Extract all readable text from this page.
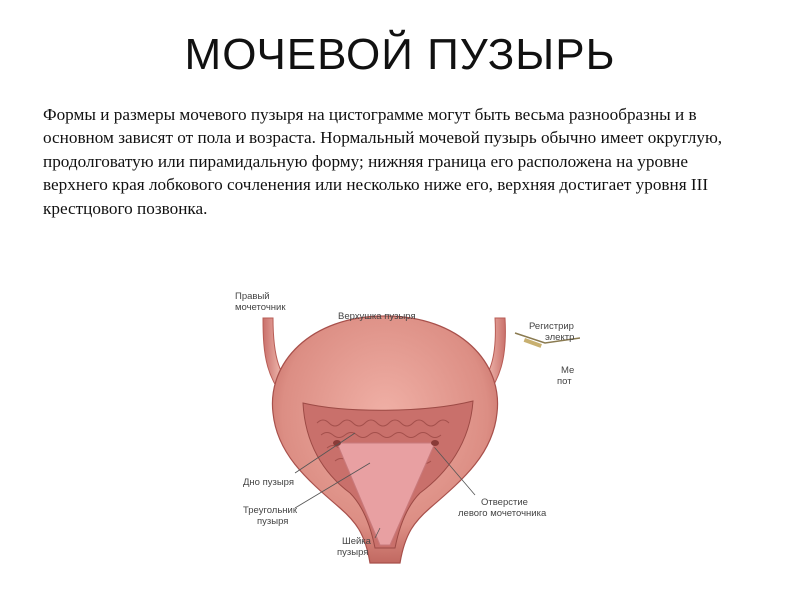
МОЧЕВОЙ ПУЗЫРЬ
Формы и размеры мочевого пузыря на цистограмме могут быть весьма разнообразны и в основном зависят от пола и возраста. Нормальный мочевой пузырь обычно имеет округлую, продолговатую или пирамидальную форму; нижняя граница его расположена на уровне верхнего края лобкового сочленения или несколько ниже его, верхняя достигает уровня III крестцового позвонка.
Правый
мочеточник
Верхушка пузыря
Регистрир
электр
Ме
пот
Дно пузыря
Треугольник
пузыря
Отверстие
левого мочеточника
Шейка
пузыря
